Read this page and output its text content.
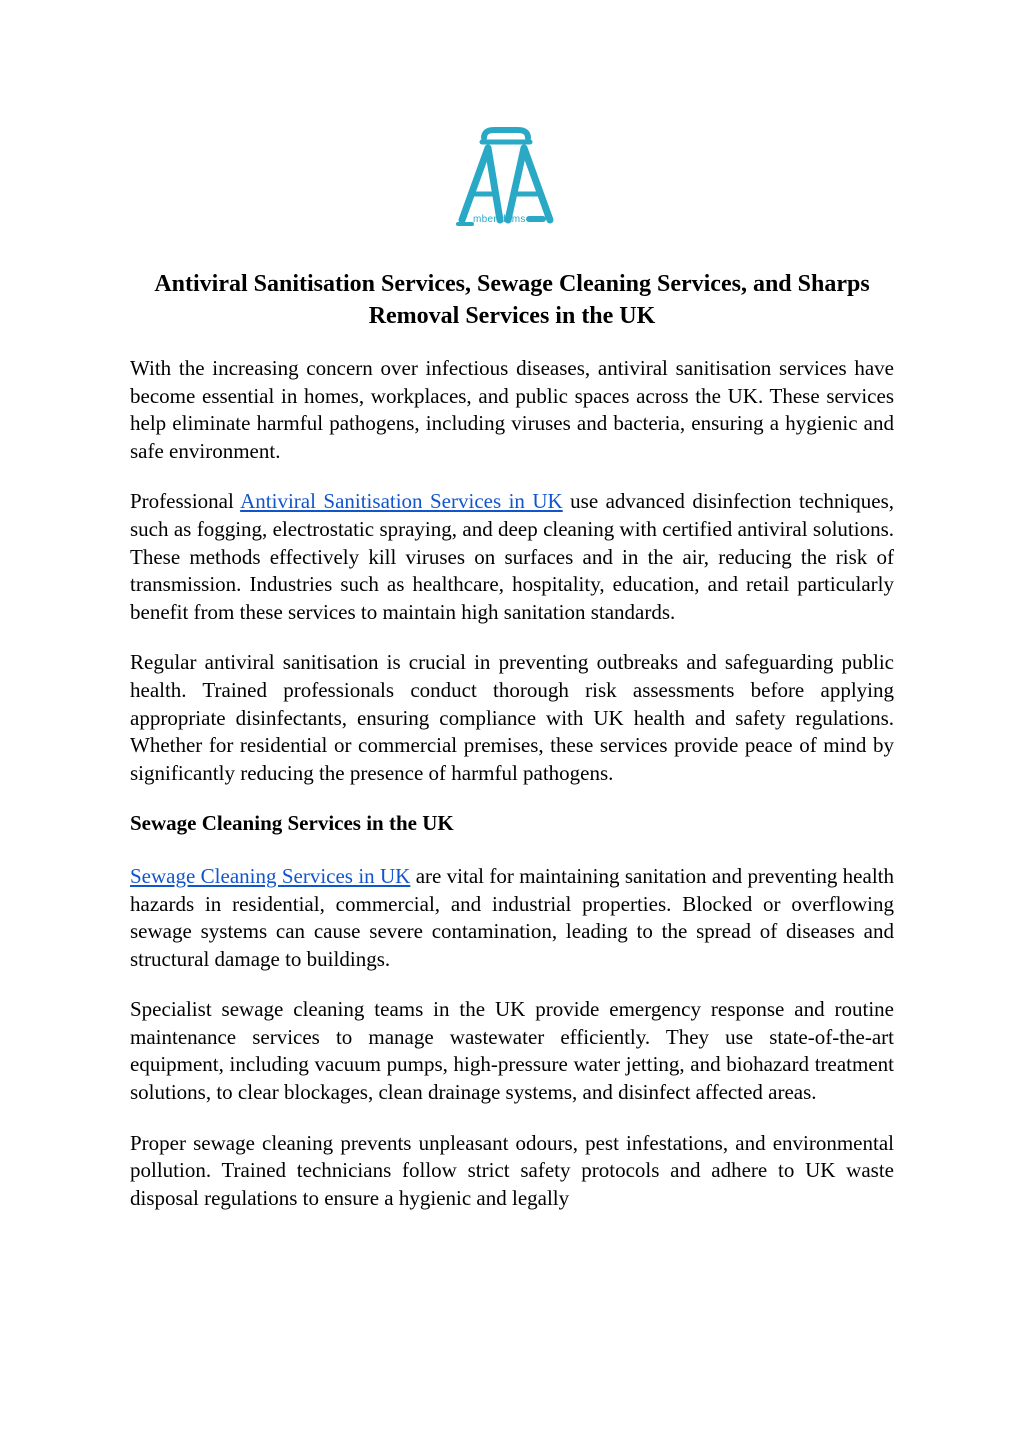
mber dams co.uk
Antiviral Sanitisation Services, Sewage Cleaning Services, and Sharps Removal Services in the UK

With the increasing concern over infectious diseases, antiviral sanitisation services have become essential in homes, workplaces, and public spaces across the UK. These services help eliminate harmful pathogens, including viruses and bacteria, ensuring a hygienic and safe environment.

Professional Antiviral Sanitisation Services in UK use advanced disinfection techniques, such as fogging, electrostatic spraying, and deep cleaning with certified antiviral solutions. These methods effectively kill viruses on surfaces and in the air, reducing the risk of transmission. Industries such as healthcare, hospitality, education, and retail particularly benefit from these services to maintain high sanitation standards.

Regular antiviral sanitisation is crucial in preventing outbreaks and safeguarding public health. Trained professionals conduct thorough risk assessments before applying appropriate disinfectants, ensuring compliance with UK health and safety regulations. Whether for residential or commercial premises, these services provide peace of mind by significantly reducing the presence of harmful pathogens.

Sewage Cleaning Services in the UK

Sewage Cleaning Services in UK are vital for maintaining sanitation and preventing health hazards in residential, commercial, and industrial properties. Blocked or overflowing sewage systems can cause severe contamination, leading to the spread of diseases and structural damage to buildings.

Specialist sewage cleaning teams in the UK provide emergency response and routine maintenance services to manage wastewater efficiently. They use state-of-the-art equipment, including vacuum pumps, high-pressure water jetting, and biohazard treatment solutions, to clear blockages, clean drainage systems, and disinfect affected areas.

Proper sewage cleaning prevents unpleasant odours, pest infestations, and environmental pollution. Trained technicians follow strict safety protocols and adhere to UK waste disposal regulations to ensure a hygienic and legally
